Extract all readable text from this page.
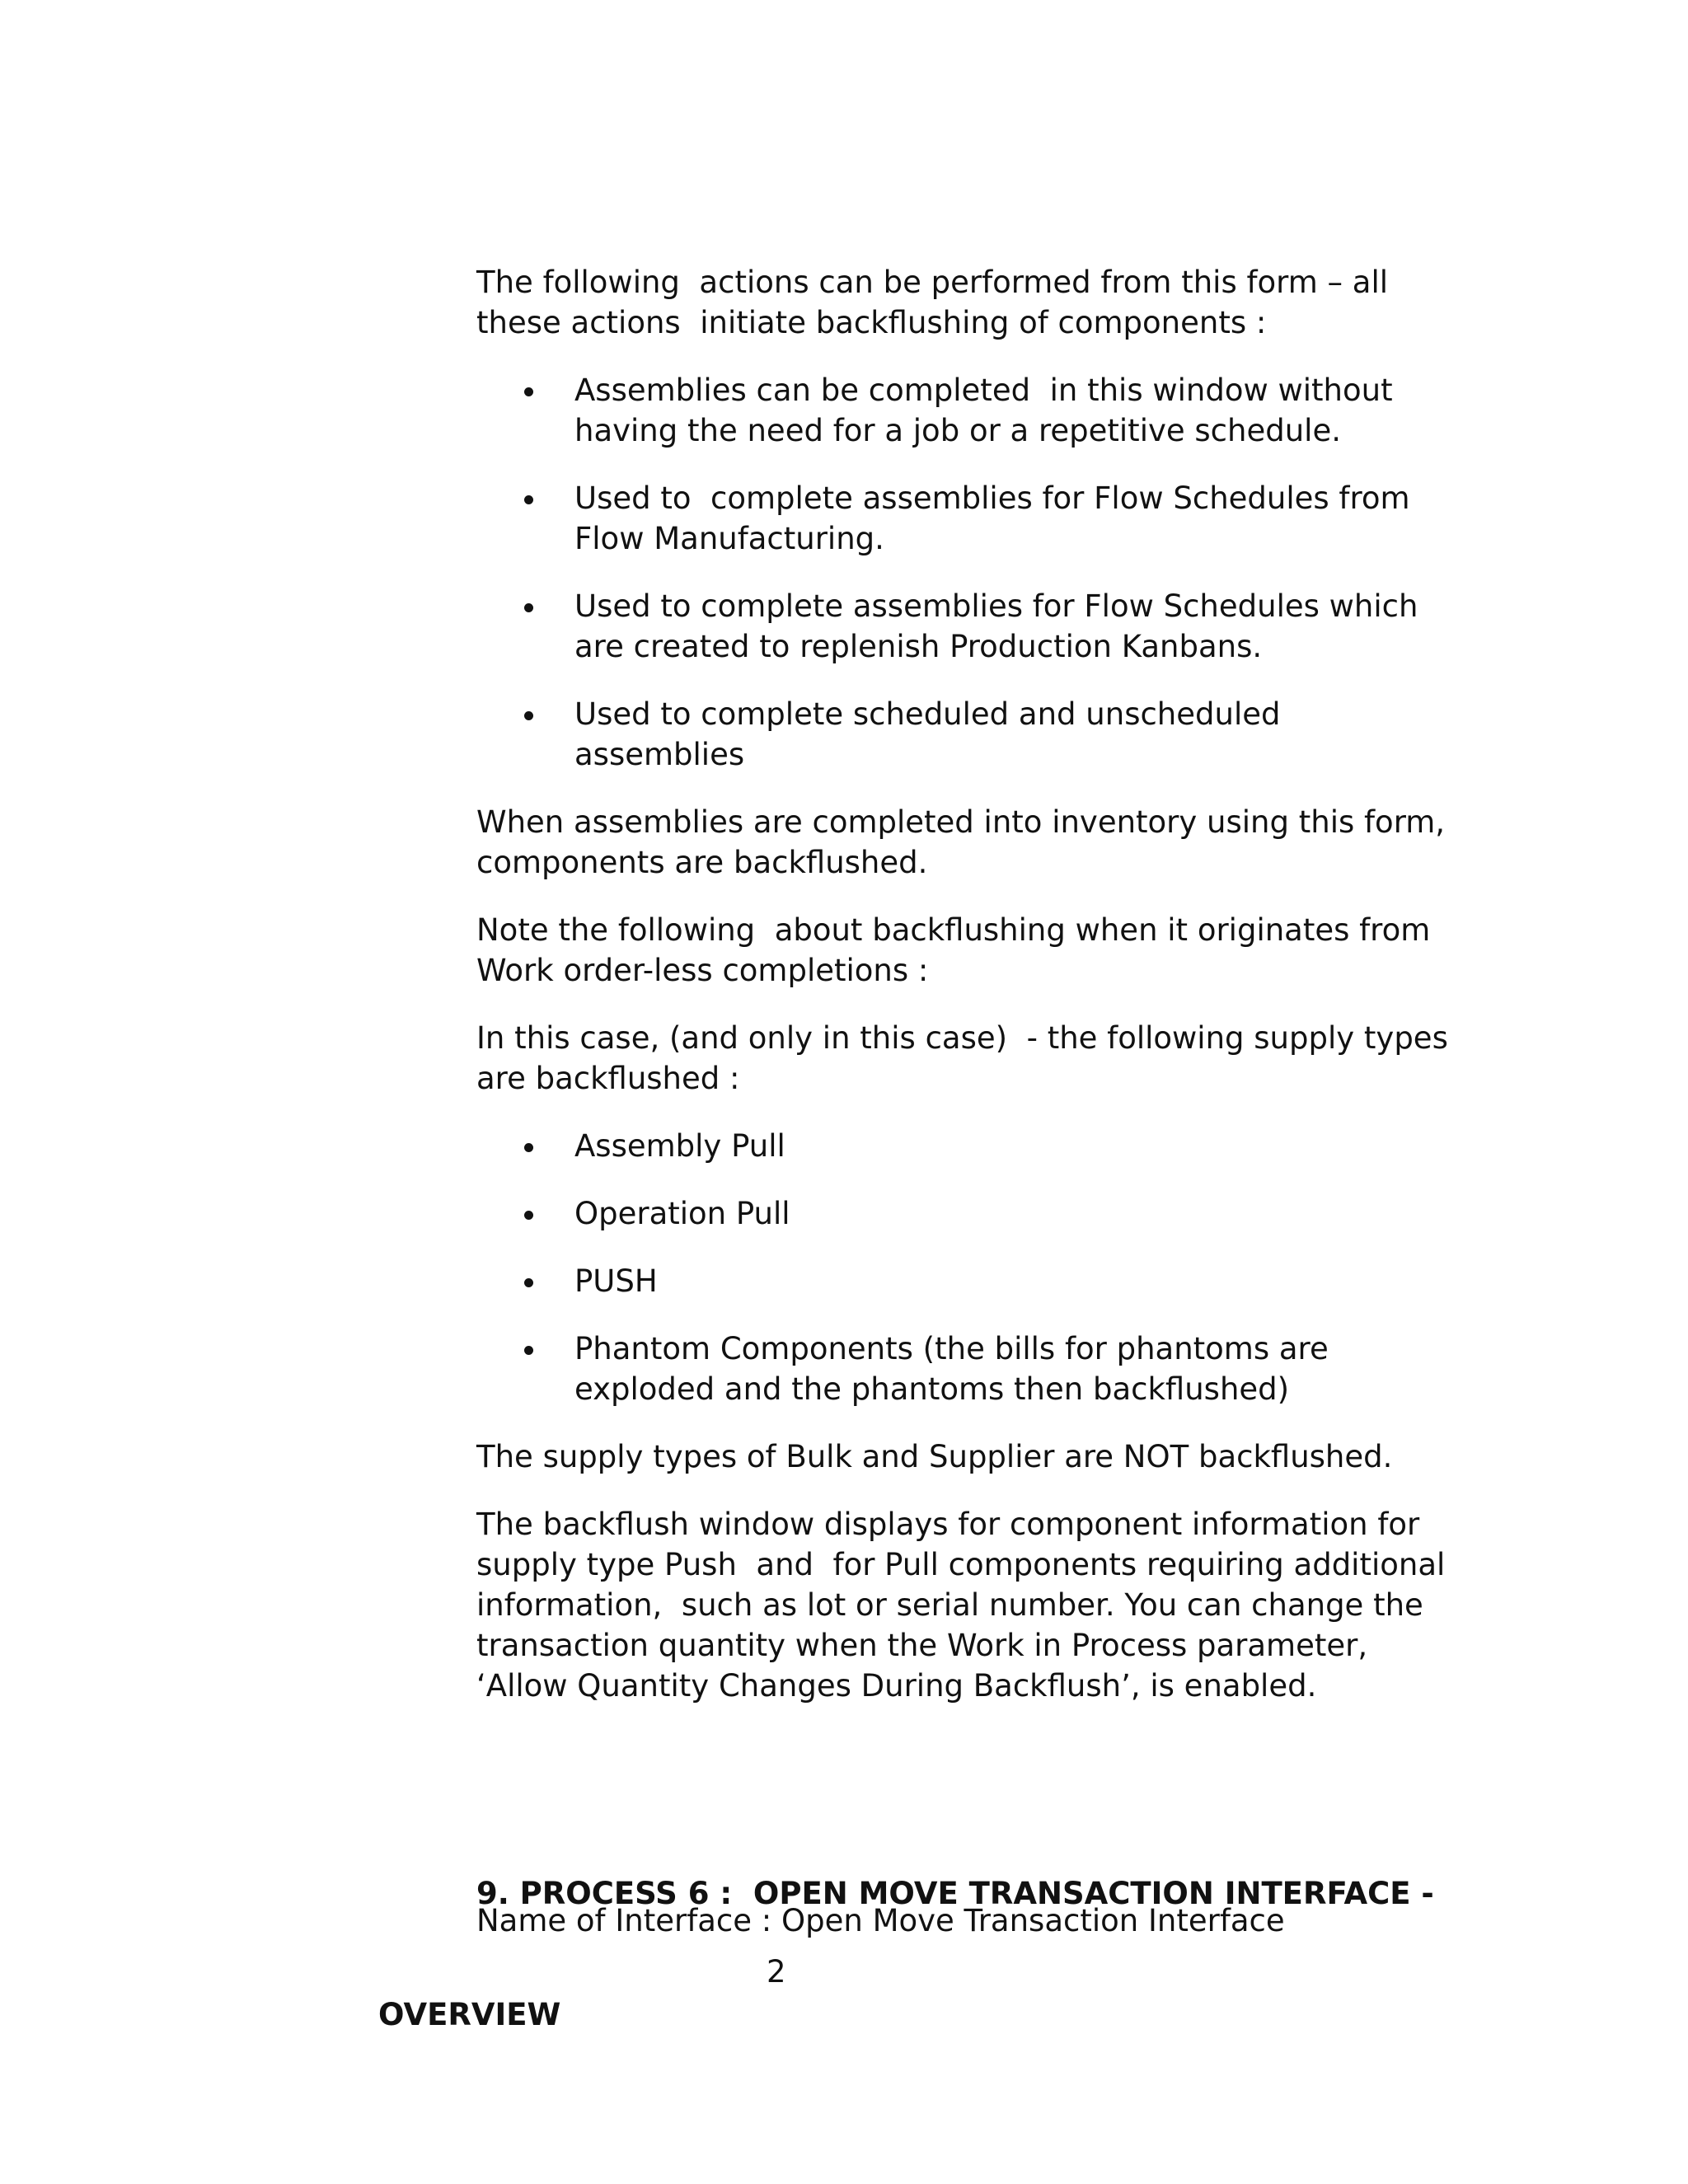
The following  actions can be performed from this form – all these actions  initiate backflushing of components :

Assemblies can be completed  in this window without having the need for a job or a repetitive schedule.
Used to  complete assemblies for Flow Schedules from Flow Manufacturing.
Used to complete assemblies for Flow Schedules which are created to replenish Production Kanbans.
Used to complete scheduled and unscheduled assemblies

When assemblies are completed into inventory using this form, components are backflushed.

Note the following  about backflushing when it originates from Work order-less completions :

In this case, (and only in this case)  - the following supply types are backflushed :

Assembly Pull
Operation Pull
PUSH
Phantom Components (the bills for phantoms are exploded and the phantoms then backflushed)

The supply types of Bulk and Supplier are NOT backflushed.

The backflush window displays for component information for supply type Push  and  for Pull components requiring additional information,  such as lot or serial number. You can change the transaction quantity when the Work in Process parameter, ‘Allow Quantity Changes During Backflush’, is enabled.

9. PROCESS 6 :  OPEN MOVE TRANSACTION INTERFACE -

OVERVIEW

Name of Interface : Open Move Transaction Interface
2
